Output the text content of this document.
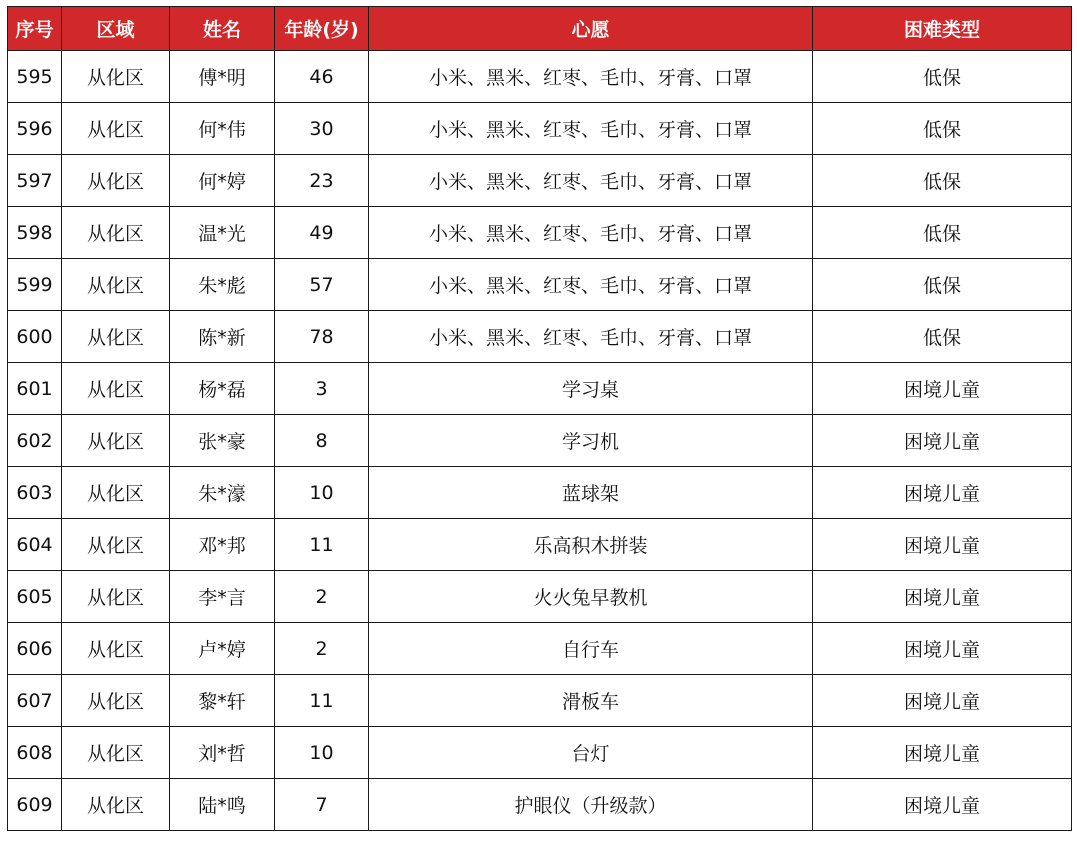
序号	区域	姓名	年龄(岁)	心愿	困难类型
595	从化区	傅*明	46	小米、黑米、红枣、毛巾、牙膏、口罩	低保
596	从化区	何*伟	30	小米、黑米、红枣、毛巾、牙膏、口罩	低保
597	从化区	何*婷	23	小米、黑米、红枣、毛巾、牙膏、口罩	低保
598	从化区	温*光	49	小米、黑米、红枣、毛巾、牙膏、口罩	低保
599	从化区	朱*彪	57	小米、黑米、红枣、毛巾、牙膏、口罩	低保
600	从化区	陈*新	78	小米、黑米、红枣、毛巾、牙膏、口罩	低保
601	从化区	杨*磊	3	学习桌	困境儿童
602	从化区	张*豪	8	学习机	困境儿童
603	从化区	朱*濠	10	蓝球架	困境儿童
604	从化区	邓*邦	11	乐高积木拼装	困境儿童
605	从化区	李*言	2	火火兔早教机	困境儿童
606	从化区	卢*婷	2	自行车	困境儿童
607	从化区	黎*轩	11	滑板车	困境儿童
608	从化区	刘*哲	10	台灯	困境儿童
609	从化区	陆*鸣	7	护眼仪（升级款）	困境儿童
